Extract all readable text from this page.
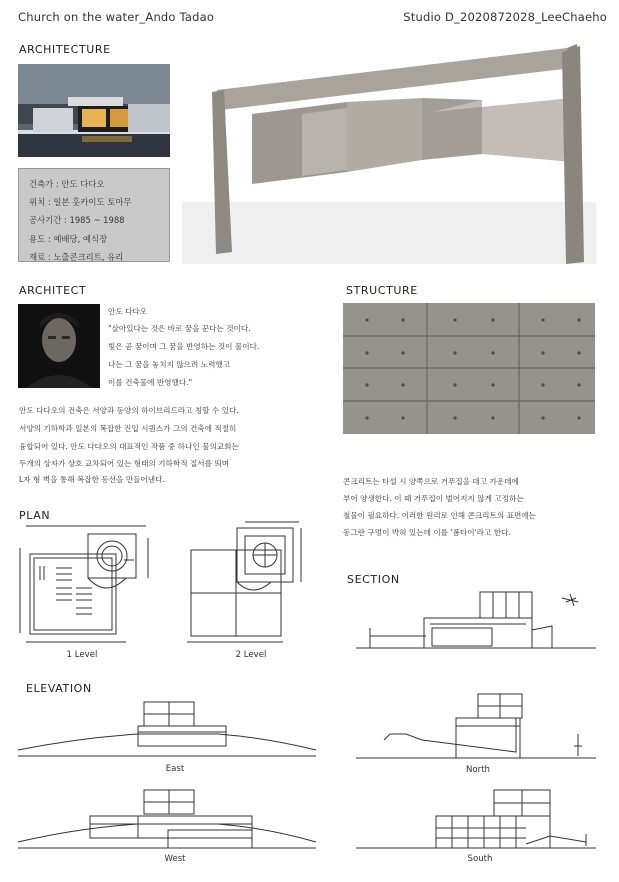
Church on the water_Ando Tadao	Studio D_2020872028_LeeChaeho
ARCHITECTURE
건축가 : 안도 다다오
위치 : 일본 훗카이도 토마무
공사기간 : 1985 ~ 1988
용도 : 예배당, 예식장
재료 : 노출콘크리트, 유리
ARCHITECT
안도 다다오
"살아있다는 것은 바로 꿈을 꾼다는 것이다.
빛은 곧 꿈이며 그 꿈을 반영하는 것이 물이다.
나는 그 꿈을 놓치지 않으려 노력했고
이를 건축물에 반영했다."
안도 다다오의 건축은 서양과 동양의 하이브리드라고 칭할 수 있다.
서양의 기하학과 일본의 복잡한 진입 시퀀스가 그의 건축에 적절히
융합되어 있다. 안도 다다오의 대표적인 작품 중 하나인 물의교회는
두개의 상자가 상호 교차되어 있는 형태의 기하학적 질서를 띄며
L자 형 벽을 통해 복잡한 동선을 만들어낸다.
STRUCTURE
콘크리트는 타설 시 양쪽으로 거푸집을 대고 가운데에
부어 양생한다. 이 때 거푸집이 벌어지지 않게 고정하는
철물이 필요하다. 이러한 원리로 인해 콘크리트의 표면에는
동그란 구멍이 박혀 있는데 이를 '폼타이'라고 한다.
PLAN
1 Level	2 Level
SECTION
ELEVATION
East	North
West	South
